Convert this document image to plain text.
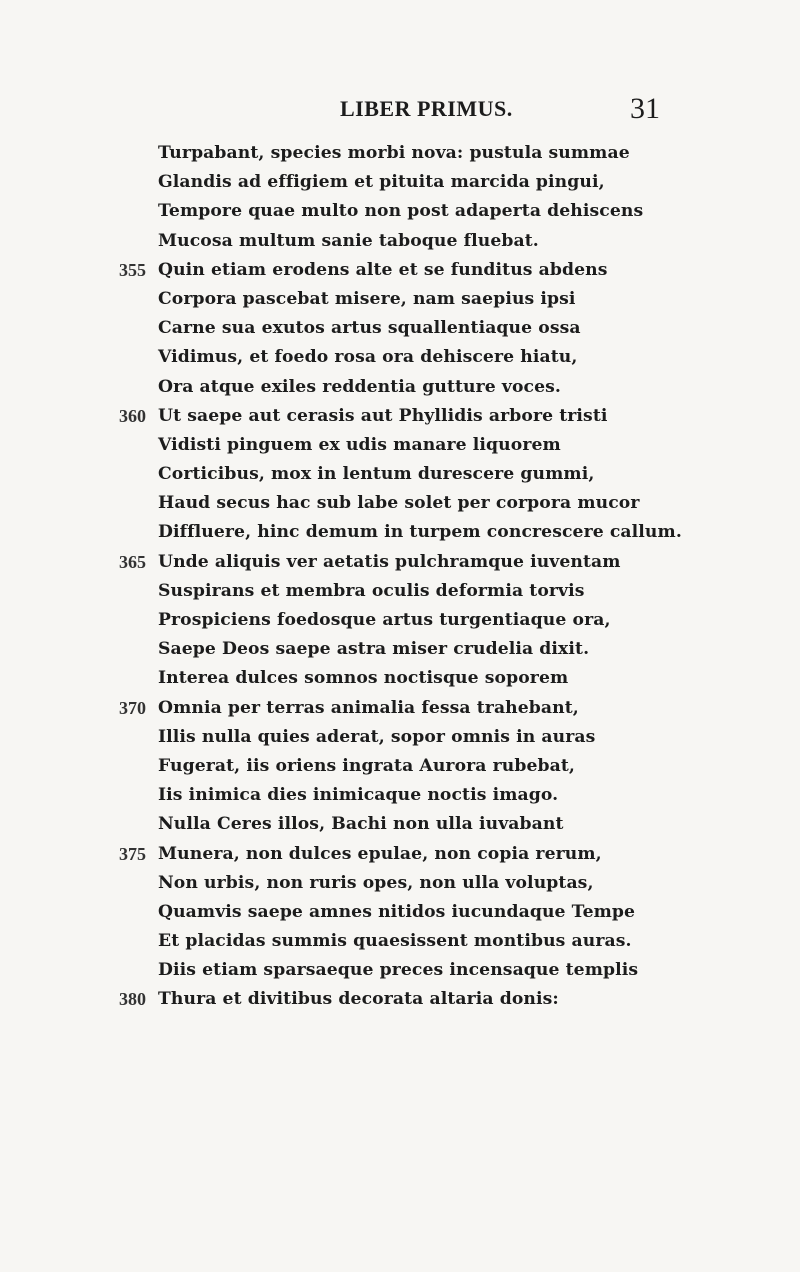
LIBER PRIMUS.	31
Turpabant, species morbi nova: pustula summae
Glandis ad effigiem et pituita marcida pingui,
Tempore quae multo non post adaperta dehiscens
Mucosa multum sanie taboque fluebat.
355 Quin etiam erodens alte et se funditus abdens
Corpora pascebat misere, nam saepius ipsi
Carne sua exutos artus squallentiaque ossa
Vidimus, et foedo rosa ora dehiscere hiatu,
Ora atque exiles reddentia gutture voces.
360 Ut saepe aut cerasis aut Phyllidis arbore tristi
Vidisti pinguem ex udis manare liquorem
Corticibus, mox in lentum durescere gummi,
Haud secus hac sub labe solet per corpora mucor
Diffluere, hinc demum in turpem concrescere callum.
365 Unde aliquis ver aetatis pulchramque iuventam
Suspirans et membra oculis deformia torvis
Prospiciens foedosque artus turgentiaque ora,
Saepe Deos saepe astra miser crudelia dixit.
Interea dulces somnos noctisque soporem
370 Omnia per terras animalia fessa trahebant,
Illis nulla quies aderat, sopor omnis in auras
Fugerat, iis oriens ingrata Aurora rubebat,
Iis inimica dies inimicaque noctis imago.
Nulla Ceres illos, Bachi non ulla iuvabant
375 Munera, non dulces epulae, non copia rerum,
Non urbis, non ruris opes, non ulla voluptas,
Quamvis saepe amnes nitidos iucundaque Tempe
Et placidas summis quaesissent montibus auras.
Diis etiam sparsaeque preces incensaque templis
380 Thura et divitibus decorata altaria donis:
